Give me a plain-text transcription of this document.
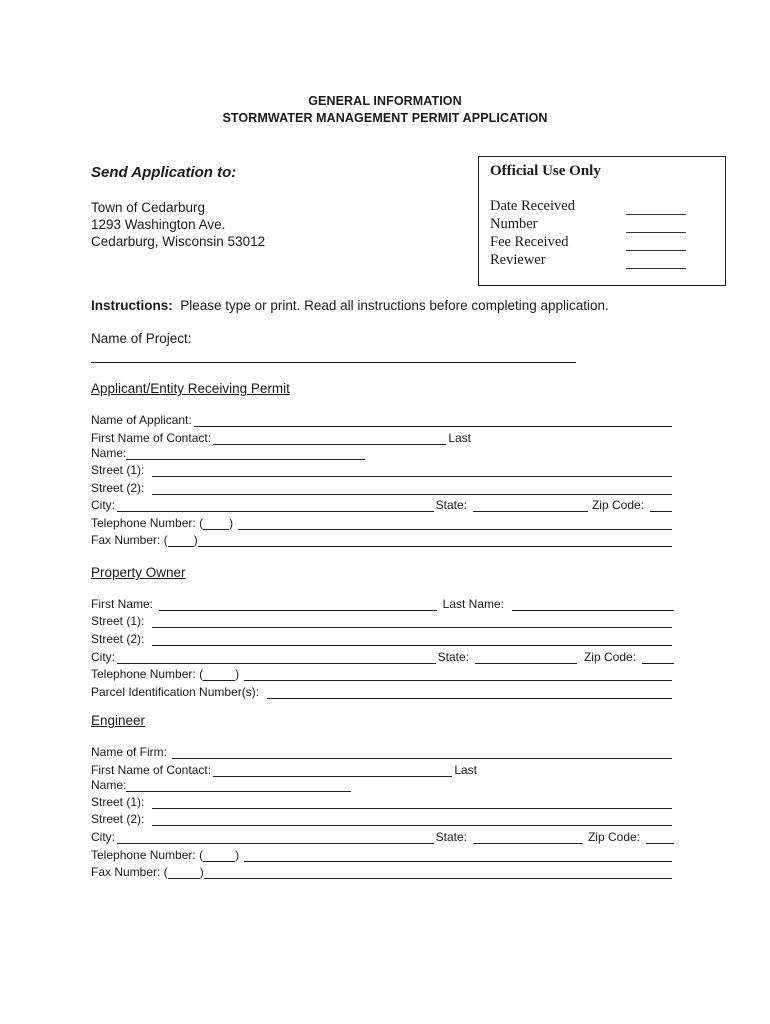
GENERAL INFORMATION
STORMWATER MANAGEMENT PERMIT APPLICATION
Send Application to:
Town of Cedarburg
1293 Washington Ave.
Cedarburg, Wisconsin 53012
Official Use Only
Date Received
Number
Fee Received
Reviewer
Instructions: Please type or print. Read all instructions before completing application.
Name of Project:
Applicant/Entity Receiving Permit
Name of Applicant:
First Name of Contact:	Last
Name:
Street (1):
Street (2):
City:	State:	Zip Code:
Telephone Number: ( )
Fax Number: ( )
Property Owner
First Name:	Last Name:
Street (1):
Street (2):
City:	State:	Zip Code:
Telephone Number: (	)
Parcel Identification Number(s):
Engineer
Name of Firm:
First Name of Contact:	Last
Name:
Street (1):
Street (2):
City:	State:	Zip Code:
Telephone Number: (	)
Fax Number: (	)
